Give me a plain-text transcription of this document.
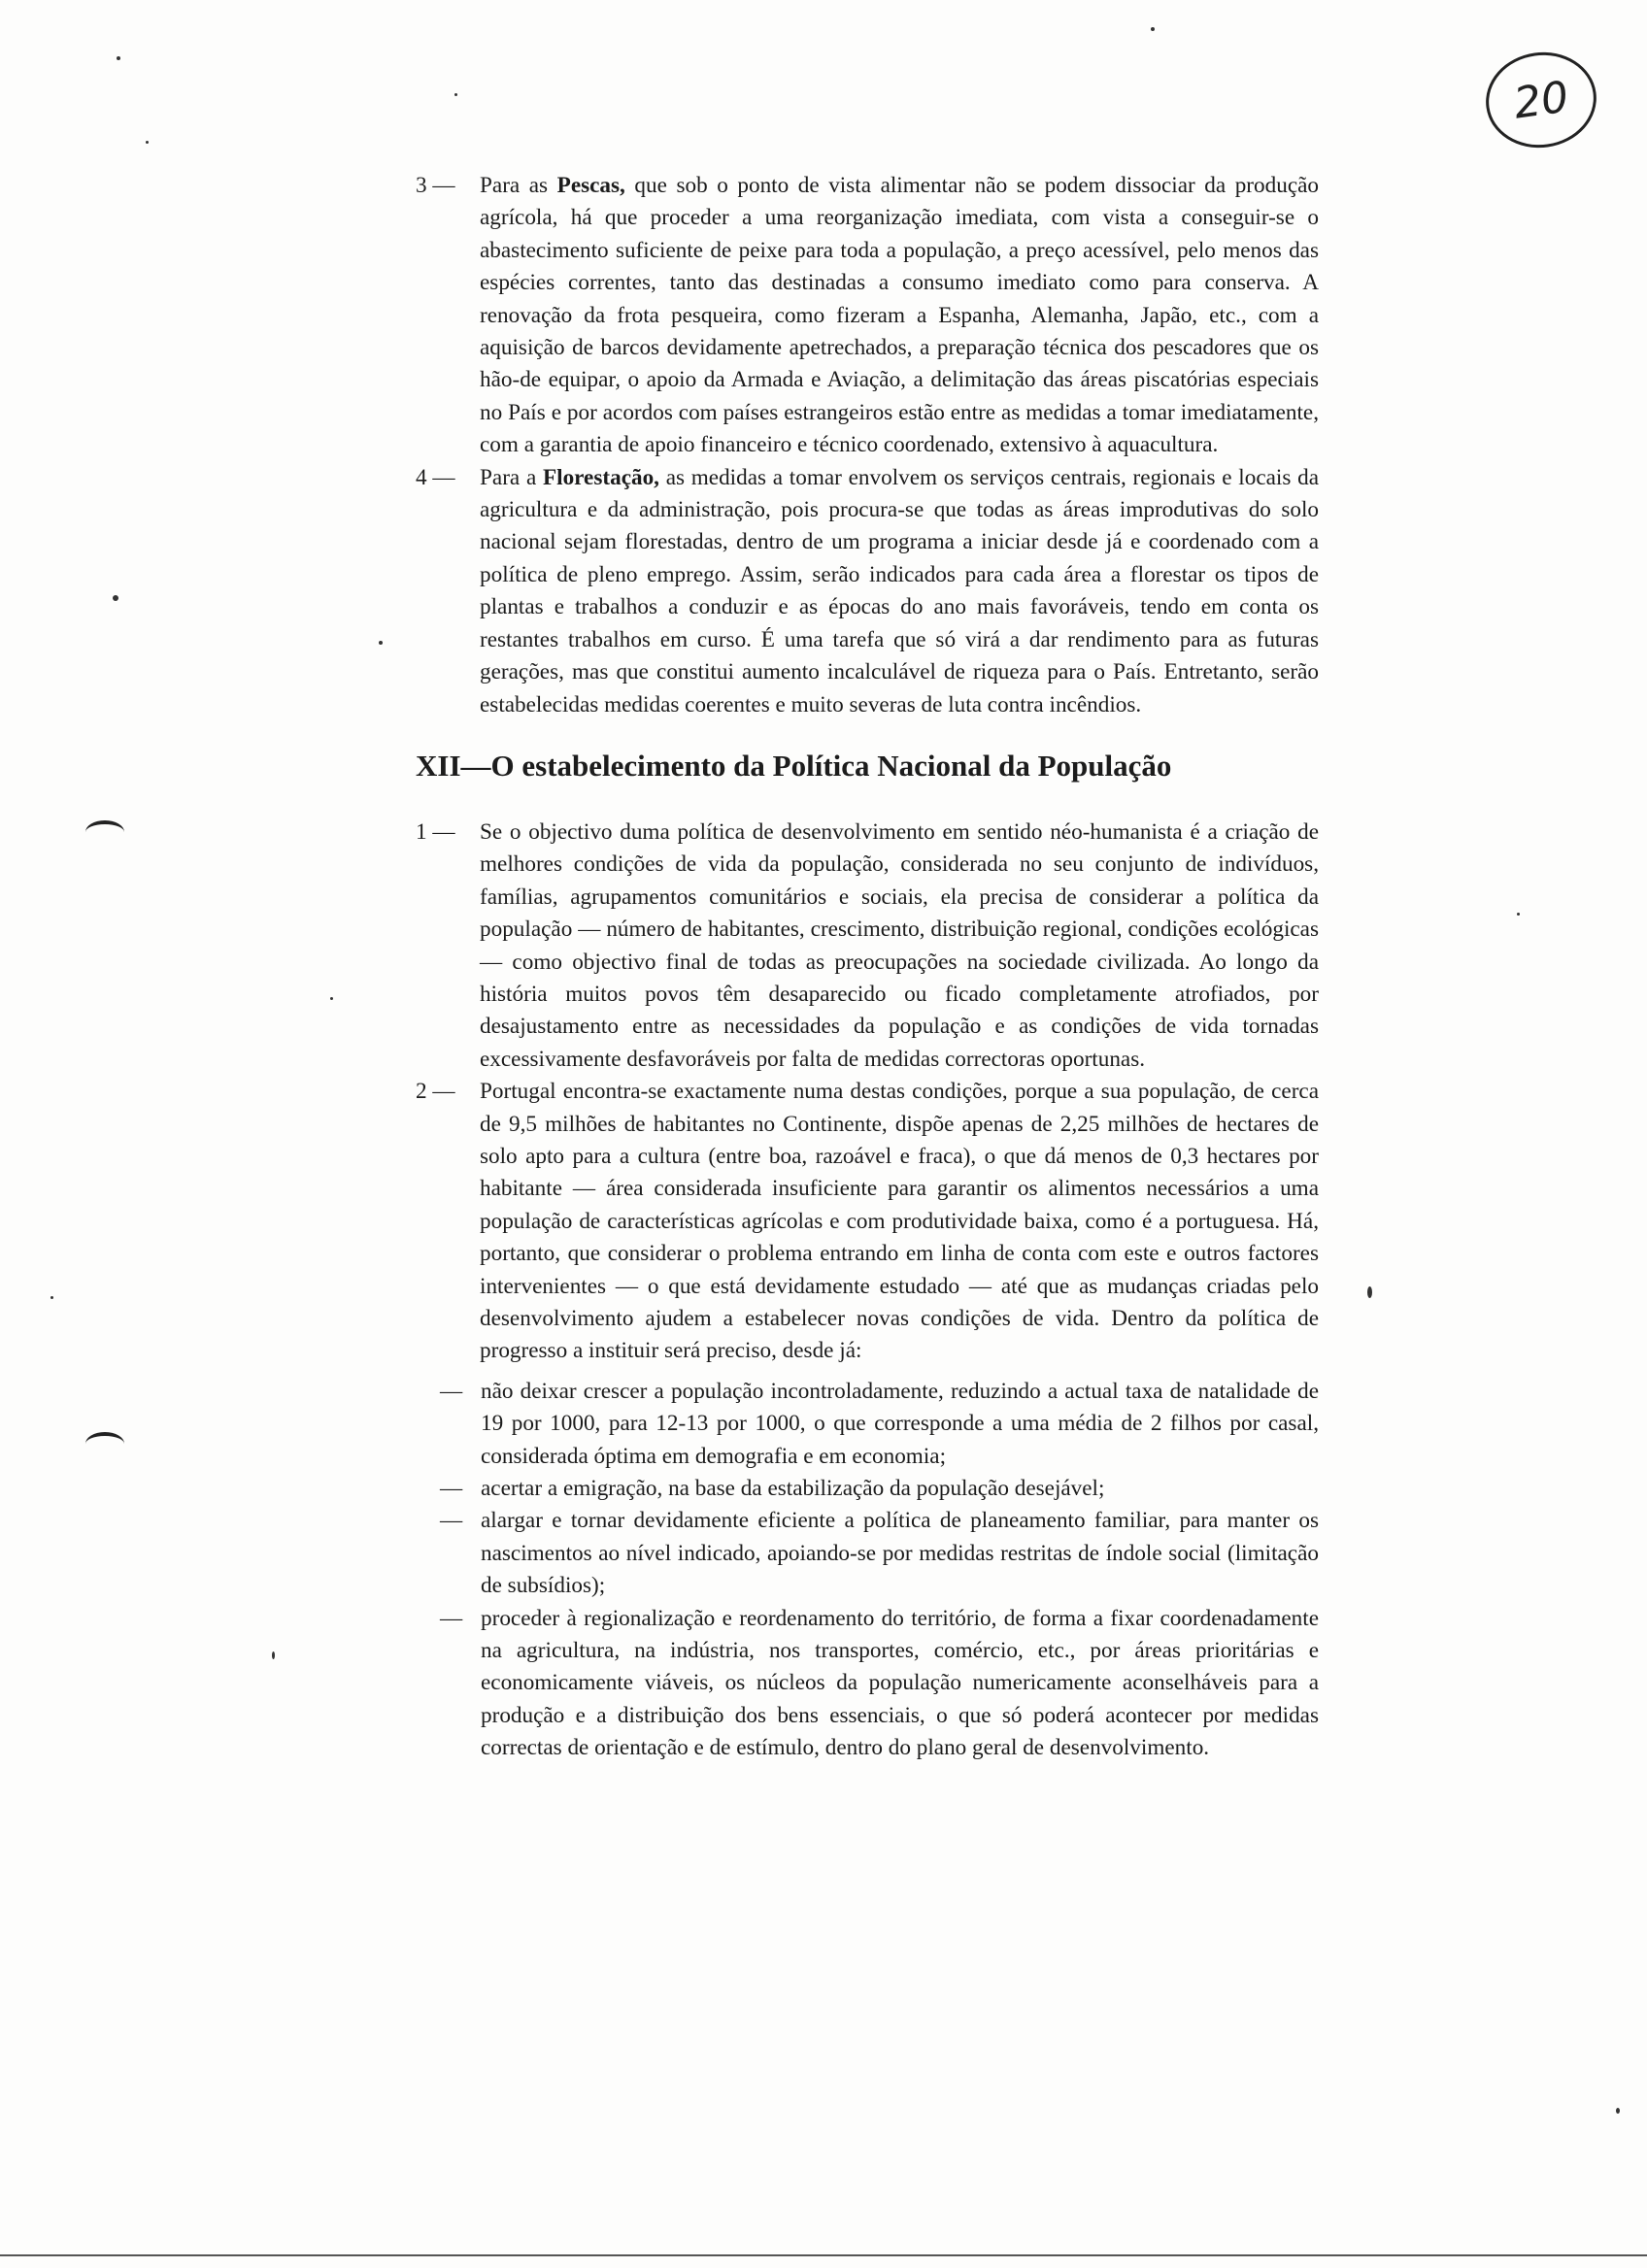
20

3 —	Para as Pescas, que sob o ponto de vista alimentar não se podem dissociar da produção agrícola, há que proceder a uma reorganização imediata, com vista a conseguir-se o abastecimento suficiente de peixe para toda a população, a preço acessível, pelo menos das espécies correntes, tanto das destinadas a consumo imediato como para conserva. A renovação da frota pesqueira, como fizeram a Espanha, Alemanha, Japão, etc., com a aquisição de barcos devidamente apetrechados, a preparação técnica dos pescadores que os hão-de equipar, o apoio da Armada e Aviação, a delimitação das áreas piscatórias especiais no País e por acordos com países estrangeiros estão entre as medidas a tomar imediatamente, com a garantia de apoio financeiro e técnico coordenado, extensivo à aquacultura.

4 —	Para a Florestação, as medidas a tomar envolvem os serviços centrais, regionais e locais da agricultura e da administração, pois procura-se que todas as áreas improdutivas do solo nacional sejam florestadas, dentro de um programa a iniciar desde já e coordenado com a política de pleno emprego. Assim, serão indicados para cada área a florestar os tipos de plantas e trabalhos a conduzir e as épocas do ano mais favoráveis, tendo em conta os restantes trabalhos em curso. É uma tarefa que só virá a dar rendimento para as futuras gerações, mas que constitui aumento incalculável de riqueza para o País. Entretanto, serão estabelecidas medidas coerentes e muito severas de luta contra incêndios.

XII—O estabelecimento da Política Nacional da População

1 —	Se o objectivo duma política de desenvolvimento em sentido néo-humanista é a criação de melhores condições de vida da população, considerada no seu conjunto de indivíduos, famílias, agrupamentos comunitários e sociais, ela precisa de considerar a política da população — número de habitantes, crescimento, distribuição regional, condições ecológicas — como objectivo final de todas as preocupações na sociedade civilizada. Ao longo da história muitos povos têm desaparecido ou ficado completamente atrofiados, por desajustamento entre as necessidades da população e as condições de vida tornadas excessivamente desfavoráveis por falta de medidas correctoras oportunas.

2 —	Portugal encontra-se exactamente numa destas condições, porque a sua população, de cerca de 9,5 milhões de habitantes no Continente, dispõe apenas de 2,25 milhões de hectares de solo apto para a cultura (entre boa, razoável e fraca), o que dá menos de 0,3 hectares por habitante — área considerada insuficiente para garantir os alimentos necessários a uma população de características agrícolas e com produtividade baixa, como é a portuguesa. Há, portanto, que considerar o problema entrando em linha de conta com este e outros factores intervenientes — o que está devidamente estudado — até que as mudanças criadas pelo desenvolvimento ajudem a estabelecer novas condições de vida. Dentro da política de progresso a instituir será preciso, desde já:

— não deixar crescer a população incontroladamente, reduzindo a actual taxa de natalidade de 19 por 1000, para 12-13 por 1000, o que corresponde a uma média de 2 filhos por casal, considerada óptima em demografia e em economia;
— acertar a emigração, na base da estabilização da população desejável;
— alargar e tornar devidamente eficiente a política de planeamento familiar, para manter os nascimentos ao nível indicado, apoiando-se por medidas restritas de índole social (limitação de subsídios);
— proceder à regionalização e reordenamento do território, de forma a fixar coordenadamente na agricultura, na indústria, nos transportes, comércio, etc., por áreas prioritárias e economicamente viáveis, os núcleos da população numericamente aconselháveis para a produção e a distribuição dos bens essenciais, o que só poderá acontecer por medidas correctas de orientação e de estímulo, dentro do plano geral de desenvolvimento.
